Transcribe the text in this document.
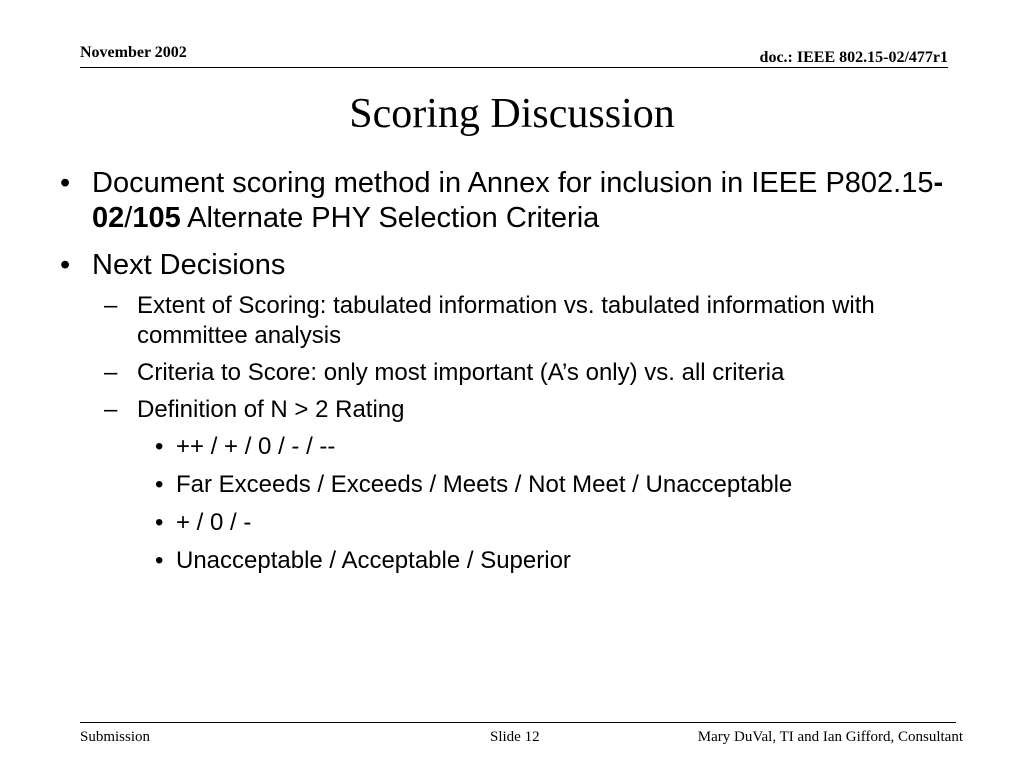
November 2002	doc.: IEEE 802.15-02/477r1
Scoring Discussion
• Document scoring method in Annex for inclusion in IEEE P802.15-02/105 Alternate PHY Selection Criteria
• Next Decisions
– Extent of Scoring: tabulated information vs. tabulated information with committee analysis
– Criteria to Score: only most important (A’s only) vs. all criteria
– Definition of N > 2 Rating
• ++ / + / 0 / - / --
• Far Exceeds / Exceeds / Meets / Not Meet / Unacceptable
• + / 0 / -
• Unacceptable / Acceptable / Superior
Submission	Slide 12	Mary DuVal, TI and Ian Gifford, Consultant
